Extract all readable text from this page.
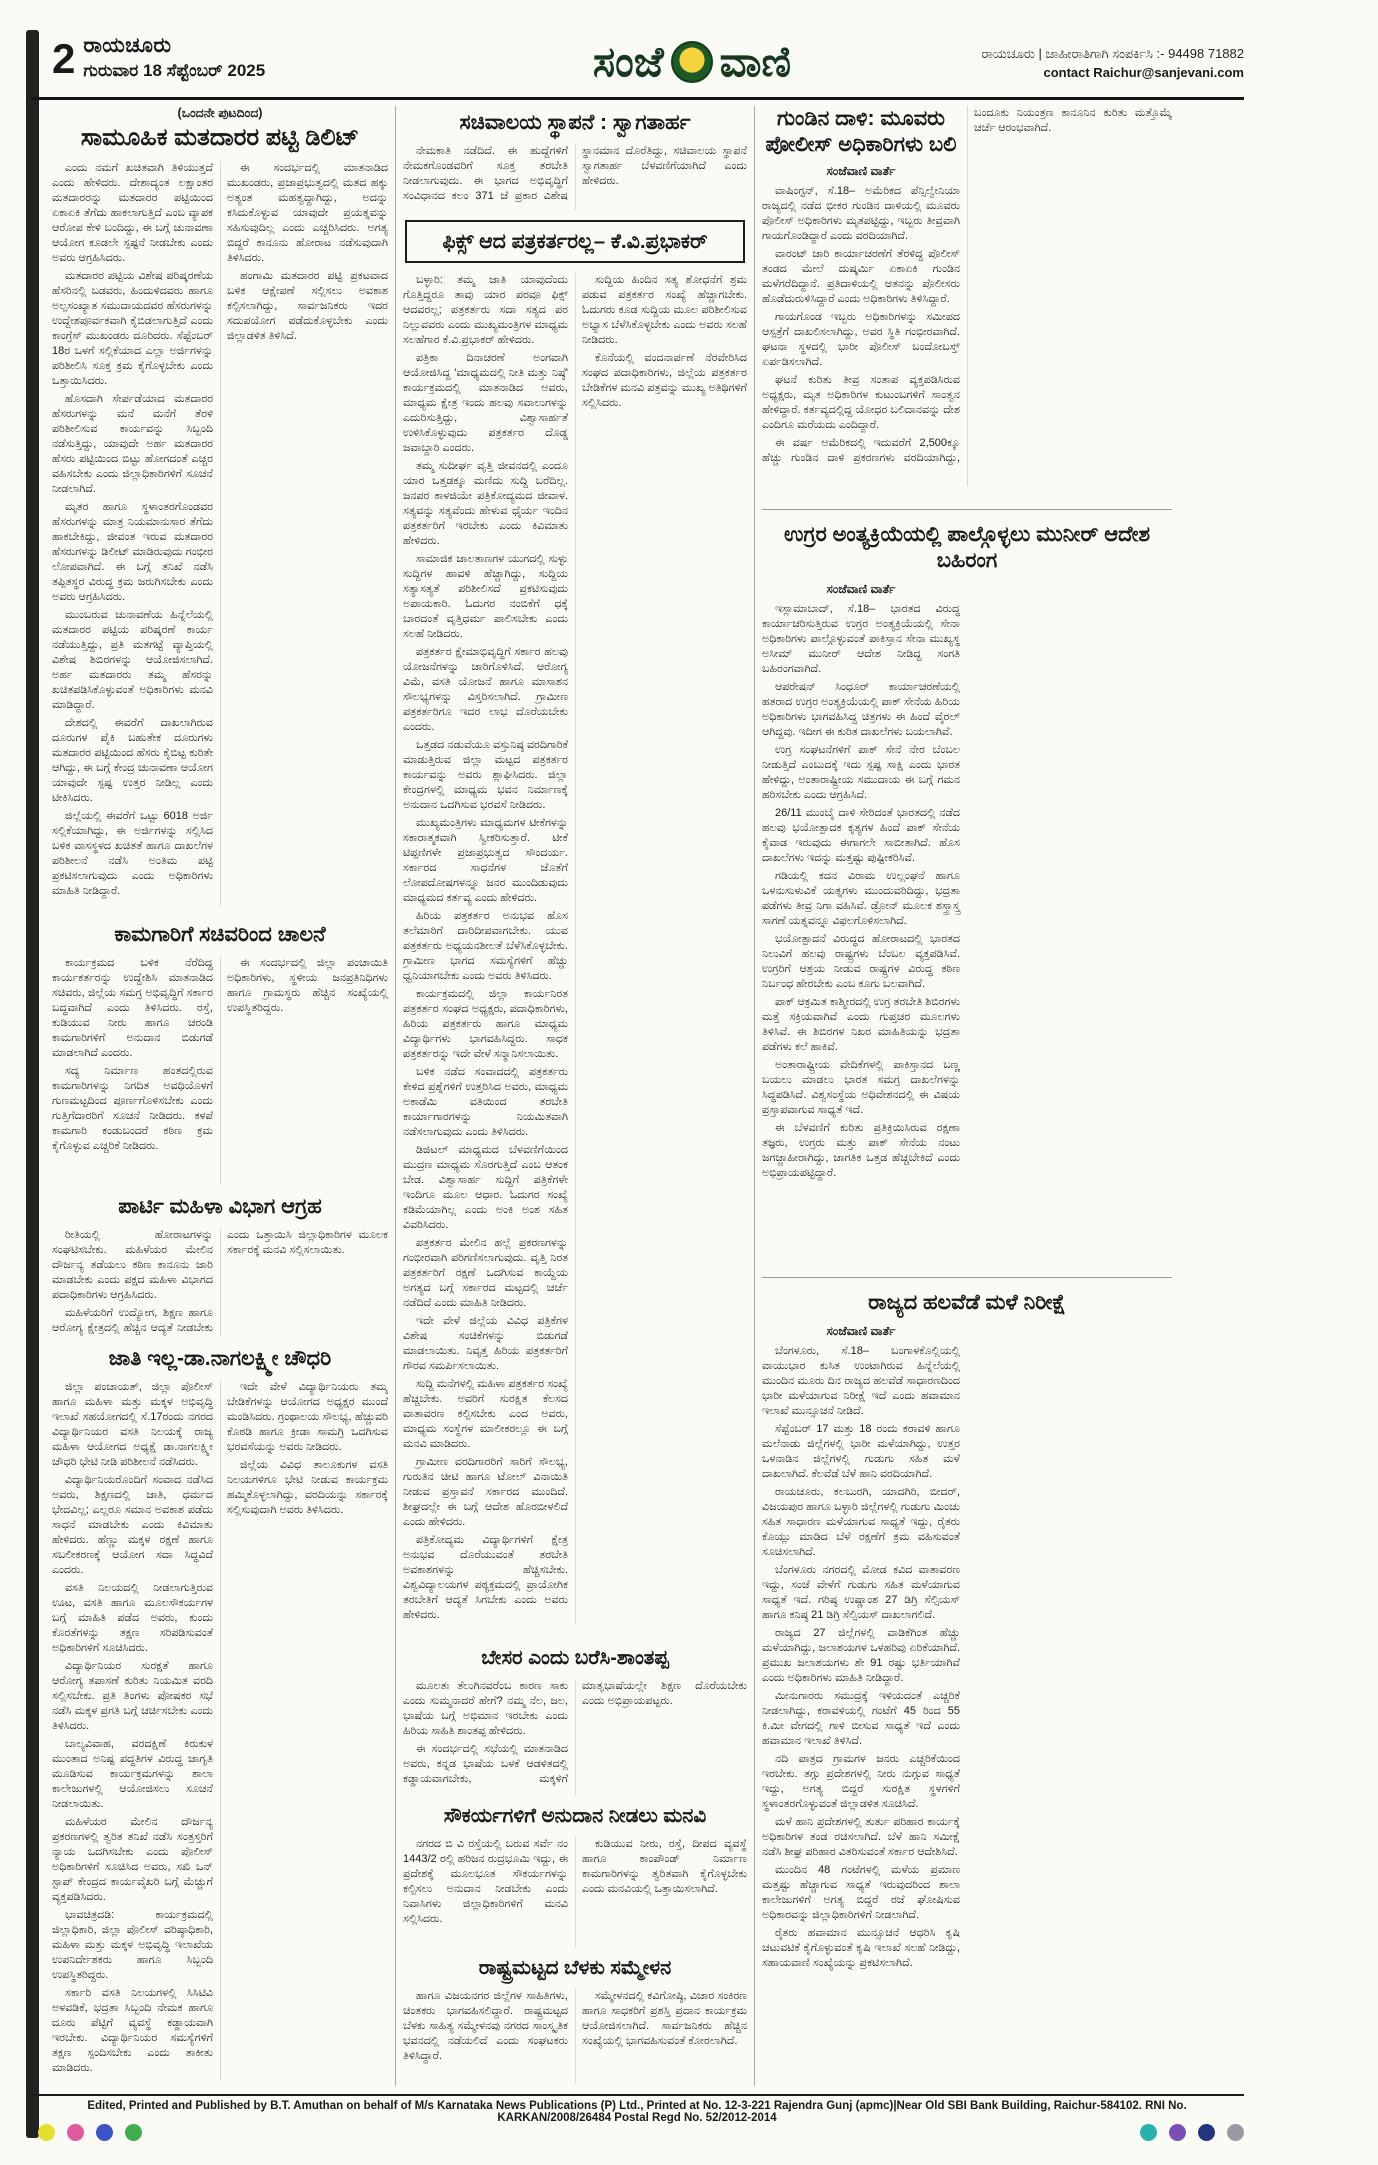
2 ರಾಯಚೂರು
ಗುರುವಾರ 18 ಸೆಪ್ಟೆಂಬರ್ 2025	ಸಂಜೆ ವಾಣಿ	ರಾಯಚೂರು | ಜಾಹೀರಾತಿಗಾಗಿ ಸಂಪರ್ಕಿಸಿ :- 94498 71882
contact Raichur@sanjevani.com
(ಒಂದನೇ ಪುಟದಿಂದ)
ಸಾಮೂಹಿಕ ಮತದಾರರ ಪಟ್ಟಿ ಡಿಲಿಟ್

ಎಂದು ನಮಗೆ ಖಚಿತವಾಗಿ ತಿಳಿಯುತ್ತದೆ ಎಂದು ಹೇಳಿದರು. ದೇಶಾದ್ಯಂತ ಲಕ್ಷಾಂತರ ಮತದಾರರನ್ನು ಮತದಾರರ ಪಟ್ಟಿಯಿಂದ ಏಕಾಏಕಿ ತೆಗೆದು ಹಾಕಲಾಗುತ್ತಿದೆ ಎಂಬ ವ್ಯಾಪಕ ಆರೋಪ ಕೇಳಿ ಬಂದಿದ್ದು, ಈ ಬಗ್ಗೆ ಚುನಾವಣಾ ಆಯೋಗ ಕೂಡಲೇ ಸ್ಪಷ್ಟನೆ ನೀಡಬೇಕು ಎಂದು ಅವರು ಆಗ್ರಹಿಸಿದರು.

ಮತದಾರರ ಪಟ್ಟಿಯ ವಿಶೇಷ ಪರಿಷ್ಕರಣೆಯ ಹೆಸರಿನಲ್ಲಿ ಬಡವರು, ಹಿಂದುಳಿದವರು ಹಾಗೂ ಅಲ್ಪಸಂಖ್ಯಾತ ಸಮುದಾಯದವರ ಹೆಸರುಗಳನ್ನು ಉದ್ದೇಶಪೂರ್ವಕವಾಗಿ ಕೈಬಿಡಲಾಗುತ್ತಿದೆ ಎಂದು ಕಾಂಗ್ರೆಸ್ ಮುಖಂಡರು ದೂರಿದರು. ಸೆಪ್ಟೆಂಬರ್ 18ರ ಒಳಗೆ ಸಲ್ಲಿಕೆಯಾದ ಎಲ್ಲಾ ಅರ್ಜಿಗಳನ್ನು ಪರಿಶೀಲಿಸಿ ಸೂಕ್ತ ಕ್ರಮ ಕೈಗೊಳ್ಳಬೇಕು ಎಂದು ಒತ್ತಾಯಿಸಿದರು.

ಹೊಸದಾಗಿ ಸೇರ್ಪಡೆಯಾದ ಮತದಾರರ ಹೆಸರುಗಳನ್ನು ಮನೆ ಮನೆಗೆ ತೆರಳಿ ಪರಿಶೀಲಿಸುವ ಕಾರ್ಯವನ್ನು ಸಿಬ್ಬಂದಿ ನಡೆಸುತ್ತಿದ್ದು, ಯಾವುದೇ ಅರ್ಹ ಮತದಾರರ ಹೆಸರು ಪಟ್ಟಿಯಿಂದ ಬಿಟ್ಟು ಹೋಗದಂತೆ ಎಚ್ಚರ ವಹಿಸಬೇಕು ಎಂದು ಜಿಲ್ಲಾಧಿಕಾರಿಗಳಿಗೆ ಸೂಚನೆ ನೀಡಲಾಗಿದೆ.

ಮೃತರ ಹಾಗೂ ಸ್ಥಳಾಂತರಗೊಂಡವರ ಹೆಸರುಗಳನ್ನು ಮಾತ್ರ ನಿಯಮಾನುಸಾರ ತೆಗೆದು ಹಾಕಬೇಕಿದ್ದು, ಜೀವಂತ ಇರುವ ಮತದಾರರ ಹೆಸರುಗಳನ್ನು ಡಿಲೀಟ್ ಮಾಡಿರುವುದು ಗಂಭೀರ ಲೋಪವಾಗಿದೆ. ಈ ಬಗ್ಗೆ ತನಿಖೆ ನಡೆಸಿ ತಪ್ಪಿತಸ್ಥರ ವಿರುದ್ಧ ಕ್ರಮ ಜರುಗಿಸಬೇಕು ಎಂದು ಅವರು ಆಗ್ರಹಿಸಿದರು.

ಮುಂಬರುವ ಚುನಾವಣೆಯ ಹಿನ್ನೆಲೆಯಲ್ಲಿ ಮತದಾರರ ಪಟ್ಟಿಯ ಪರಿಷ್ಕರಣೆ ಕಾರ್ಯ ನಡೆಯುತ್ತಿದ್ದು, ಪ್ರತಿ ಮತಗಟ್ಟೆ ವ್ಯಾಪ್ತಿಯಲ್ಲಿ ವಿಶೇಷ ಶಿಬಿರಗಳನ್ನು ಆಯೋಜಿಸಲಾಗಿದೆ. ಅರ್ಹ ಮತದಾರರು ತಮ್ಮ ಹೆಸರನ್ನು ಖಚಿತಪಡಿಸಿಕೊಳ್ಳುವಂತೆ ಅಧಿಕಾರಿಗಳು ಮನವಿ ಮಾಡಿದ್ದಾರೆ.

ದೇಶದಲ್ಲಿ ಈವರೆಗೆ ದಾಖಲಾಗಿರುವ ದೂರುಗಳ ಪೈಕಿ ಬಹುತೇಕ ದೂರುಗಳು ಮತದಾರರ ಪಟ್ಟಿಯಿಂದ ಹೆಸರು ಕೈಬಿಟ್ಟ ಕುರಿತೇ ಆಗಿದ್ದು, ಈ ಬಗ್ಗೆ ಕೇಂದ್ರ ಚುನಾವಣಾ ಆಯೋಗ ಯಾವುದೇ ಸ್ಪಷ್ಟ ಉತ್ತರ ನೀಡಿಲ್ಲ ಎಂದು ಟೀಕಿಸಿದರು.

ಜಿಲ್ಲೆಯಲ್ಲಿ ಈವರೆಗೆ ಒಟ್ಟು 6018 ಅರ್ಜಿ ಸಲ್ಲಿಕೆಯಾಗಿದ್ದು, ಈ ಅರ್ಜಿಗಳನ್ನು ಸಲ್ಲಿಸಿದ ಬಳಿಕ ವಾಸಸ್ಥಳದ ಖಚಿತತೆ ಹಾಗೂ ದಾಖಲೆಗಳ ಪರಿಶೀಲನೆ ನಡೆಸಿ ಅಂತಿಮ ಪಟ್ಟಿ ಪ್ರಕಟಿಸಲಾಗುವುದು ಎಂದು ಅಧಿಕಾರಿಗಳು ಮಾಹಿತಿ ನೀಡಿದ್ದಾರೆ.

ಈ ಸಂದರ್ಭದಲ್ಲಿ ಮಾತನಾಡಿದ ಮುಖಂಡರು, ಪ್ರಜಾಪ್ರಭುತ್ವದಲ್ಲಿ ಮತದ ಹಕ್ಕು ಅತ್ಯಂತ ಮಹತ್ವದ್ದಾಗಿದ್ದು, ಅದನ್ನು ಕಸಿದುಕೊಳ್ಳುವ ಯಾವುದೇ ಪ್ರಯತ್ನವನ್ನು ಸಹಿಸುವುದಿಲ್ಲ ಎಂದು ಎಚ್ಚರಿಸಿದರು. ಅಗತ್ಯ ಬಿದ್ದರೆ ಕಾನೂನು ಹೋರಾಟ ನಡೆಸುವುದಾಗಿ ತಿಳಿಸಿದರು.

ಹಂಗಾಮಿ ಮತದಾರರ ಪಟ್ಟಿ ಪ್ರಕಟವಾದ ಬಳಿಕ ಆಕ್ಷೇಪಣೆ ಸಲ್ಲಿಸಲು ಅವಕಾಶ ಕಲ್ಪಿಸಲಾಗಿದ್ದು, ಸಾರ್ವಜನಿಕರು ಇದರ ಸದುಪಯೋಗ ಪಡೆದುಕೊಳ್ಳಬೇಕು ಎಂದು ಜಿಲ್ಲಾಡಳಿತ ತಿಳಿಸಿದೆ.

ಕಾಮಗಾರಿಗೆ ಸಚಿವರಿಂದ ಚಾಲನೆ

ಕಾರ್ಯಕ್ರಮದ ಬಳಿಕ ನೆರೆದಿದ್ದ ಕಾರ್ಯಕರ್ತರನ್ನು ಉದ್ದೇಶಿಸಿ ಮಾತನಾಡಿದ ಸಚಿವರು, ಜಿಲ್ಲೆಯ ಸಮಗ್ರ ಅಭಿವೃದ್ಧಿಗೆ ಸರ್ಕಾರ ಬದ್ಧವಾಗಿದೆ ಎಂದು ತಿಳಿಸಿದರು. ರಸ್ತೆ, ಕುಡಿಯುವ ನೀರು ಹಾಗೂ ಚರಂಡಿ ಕಾಮಗಾರಿಗಳಿಗೆ ಅನುದಾನ ಬಿಡುಗಡೆ ಮಾಡಲಾಗಿದೆ ಎಂದರು.

ಸದ್ಯ ನಿರ್ಮಾಣ ಹಂತದಲ್ಲಿರುವ ಕಾಮಗಾರಿಗಳನ್ನು ನಿಗದಿತ ಅವಧಿಯೊಳಗೆ ಗುಣಮಟ್ಟದಿಂದ ಪೂರ್ಣಗೊಳಿಸಬೇಕು ಎಂದು ಗುತ್ತಿಗೆದಾರರಿಗೆ ಸೂಚನೆ ನೀಡಿದರು. ಕಳಪೆ ಕಾಮಗಾರಿ ಕಂಡುಬಂದರೆ ಕಠಿಣ ಕ್ರಮ ಕೈಗೊಳ್ಳುವ ಎಚ್ಚರಿಕೆ ನೀಡಿದರು.

ಈ ಸಂದರ್ಭದಲ್ಲಿ ಜಿಲ್ಲಾ ಪಂಚಾಯಿತಿ ಅಧಿಕಾರಿಗಳು, ಸ್ಥಳೀಯ ಜನಪ್ರತಿನಿಧಿಗಳು ಹಾಗೂ ಗ್ರಾಮಸ್ಥರು ಹೆಚ್ಚಿನ ಸಂಖ್ಯೆಯಲ್ಲಿ ಉಪಸ್ಥಿತರಿದ್ದರು.

ಪಾರ್ಟಿ ಮಹಿಳಾ ವಿಭಾಗ ಆಗ್ರಹ

ರೀತಿಯಲ್ಲಿ ಹೋರಾಟಗಳನ್ನು ಸಂಘಟಿಸಬೇಕು. ಮಹಿಳೆಯರ ಮೇಲಿನ ದೌರ್ಜನ್ಯ ತಡೆಯಲು ಕಠಿಣ ಕಾನೂನು ಜಾರಿ ಮಾಡಬೇಕು ಎಂದು ಪಕ್ಷದ ಮಹಿಳಾ ವಿಭಾಗದ ಪದಾಧಿಕಾರಿಗಳು ಆಗ್ರಹಿಸಿದರು.

ಮಹಿಳೆಯರಿಗೆ ಉದ್ಯೋಗ, ಶಿಕ್ಷಣ ಹಾಗೂ ಆರೋಗ್ಯ ಕ್ಷೇತ್ರದಲ್ಲಿ ಹೆಚ್ಚಿನ ಆದ್ಯತೆ ನೀಡಬೇಕು ಎಂದು ಒತ್ತಾಯಿಸಿ ಜಿಲ್ಲಾಧಿಕಾರಿಗಳ ಮೂಲಕ ಸರ್ಕಾರಕ್ಕೆ ಮನವಿ ಸಲ್ಲಿಸಲಾಯಿತು.

ಜಾತಿ ಇಲ್ಲ-ಡಾ.ನಾಗಲಕ್ಷ್ಮೀ ಚೌಧರಿ

ಜಿಲ್ಲಾ ಪಂಚಾಯತ್, ಜಿಲ್ಲಾ ಪೊಲೀಸ್ ಹಾಗೂ ಮಹಿಳಾ ಮತ್ತು ಮಕ್ಕಳ ಅಭಿವೃದ್ಧಿ ಇಲಾಖೆ ಸಹಯೋಗದಲ್ಲಿ ಸೆ.17ರಂದು ನಗರದ ವಿದ್ಯಾರ್ಥಿನಿಯರ ವಸತಿ ನಿಲಯಕ್ಕೆ ರಾಜ್ಯ ಮಹಿಳಾ ಆಯೋಗದ ಅಧ್ಯಕ್ಷೆ ಡಾ.ನಾಗಲಕ್ಷ್ಮೀ ಚೌಧರಿ ಭೇಟಿ ನೀಡಿ ಪರಿಶೀಲನೆ ನಡೆಸಿದರು.

ವಿದ್ಯಾರ್ಥಿನಿಯರೊಂದಿಗೆ ಸಂವಾದ ನಡೆಸಿದ ಅವರು, ಶಿಕ್ಷಣದಲ್ಲಿ ಜಾತಿ, ಧರ್ಮದ ಭೇದವಿಲ್ಲ; ಎಲ್ಲರೂ ಸಮಾನ ಅವಕಾಶ ಪಡೆದು ಸಾಧನೆ ಮಾಡಬೇಕು ಎಂದು ಕಿವಿಮಾತು ಹೇಳಿದರು. ಹೆಣ್ಣು ಮಕ್ಕಳ ರಕ್ಷಣೆ ಹಾಗೂ ಸಬಲೀಕರಣಕ್ಕೆ ಆಯೋಗ ಸದಾ ಸಿದ್ಧವಿದೆ ಎಂದರು.

ವಸತಿ ನಿಲಯದಲ್ಲಿ ನೀಡಲಾಗುತ್ತಿರುವ ಊಟ, ವಸತಿ ಹಾಗೂ ಮೂಲಸೌಕರ್ಯಗಳ ಬಗ್ಗೆ ಮಾಹಿತಿ ಪಡೆದ ಅವರು, ಕುಂದು ಕೊರತೆಗಳನ್ನು ತಕ್ಷಣ ಸರಿಪಡಿಸುವಂತೆ ಅಧಿಕಾರಿಗಳಿಗೆ ಸೂಚಿಸಿದರು.

ವಿದ್ಯಾರ್ಥಿನಿಯರ ಸುರಕ್ಷತೆ ಹಾಗೂ ಆರೋಗ್ಯ ತಪಾಸಣೆ ಕುರಿತು ನಿಯಮಿತ ವರದಿ ಸಲ್ಲಿಸಬೇಕು. ಪ್ರತಿ ತಿಂಗಳು ಪೋಷಕರ ಸಭೆ ನಡೆಸಿ ಮಕ್ಕಳ ಪ್ರಗತಿ ಬಗ್ಗೆ ಚರ್ಚಿಸಬೇಕು ಎಂದು ತಿಳಿಸಿದರು.

ಬಾಲ್ಯವಿವಾಹ, ವರದಕ್ಷಿಣೆ ಕಿರುಕುಳ ಮುಂತಾದ ಅನಿಷ್ಟ ಪದ್ಧತಿಗಳ ವಿರುದ್ಧ ಜಾಗೃತಿ ಮೂಡಿಸುವ ಕಾರ್ಯಕ್ರಮಗಳನ್ನು ಶಾಲಾ ಕಾಲೇಜುಗಳಲ್ಲಿ ಆಯೋಜಿಸಲು ಸೂಚನೆ ನೀಡಲಾಯಿತು.

ಮಹಿಳೆಯರ ಮೇಲಿನ ದೌರ್ಜನ್ಯ ಪ್ರಕರಣಗಳಲ್ಲಿ ತ್ವರಿತ ತನಿಖೆ ನಡೆಸಿ ಸಂತ್ರಸ್ತರಿಗೆ ನ್ಯಾಯ ಒದಗಿಸಬೇಕು ಎಂದು ಪೊಲೀಸ್ ಅಧಿಕಾರಿಗಳಿಗೆ ಸೂಚಿಸಿದ ಅವರು, ಸಖಿ ಒನ್ ಸ್ಟಾಪ್ ಕೇಂದ್ರದ ಕಾರ್ಯವೈಖರಿ ಬಗ್ಗೆ ಮೆಚ್ಚುಗೆ ವ್ಯಕ್ತಪಡಿಸಿದರು.

ಭಾವಚಿತ್ರದಡಿ: ಕಾರ್ಯಕ್ರಮದಲ್ಲಿ ಜಿಲ್ಲಾಧಿಕಾರಿ, ಜಿಲ್ಲಾ ಪೊಲೀಸ್ ವರಿಷ್ಠಾಧಿಕಾರಿ, ಮಹಿಳಾ ಮತ್ತು ಮಕ್ಕಳ ಅಭಿವೃದ್ಧಿ ಇಲಾಖೆಯ ಉಪನಿರ್ದೇಶಕರು ಹಾಗೂ ಸಿಬ್ಬಂದಿ ಉಪಸ್ಥಿತರಿದ್ದರು.

ಸರ್ಕಾರಿ ವಸತಿ ನಿಲಯಗಳಲ್ಲಿ ಸಿಸಿಟಿವಿ ಅಳವಡಿಕೆ, ಭದ್ರತಾ ಸಿಬ್ಬಂದಿ ನೇಮಕ ಹಾಗೂ ದೂರು ಪೆಟ್ಟಿಗೆ ವ್ಯವಸ್ಥೆ ಕಡ್ಡಾಯವಾಗಿ ಇರಬೇಕು. ವಿದ್ಯಾರ್ಥಿನಿಯರ ಸಮಸ್ಯೆಗಳಿಗೆ ತಕ್ಷಣ ಸ್ಪಂದಿಸಬೇಕು ಎಂದು ತಾಕೀತು ಮಾಡಿದರು.

ಇದೇ ವೇಳೆ ವಿದ್ಯಾರ್ಥಿನಿಯರು ತಮ್ಮ ಬೇಡಿಕೆಗಳನ್ನು ಆಯೋಗದ ಅಧ್ಯಕ್ಷರ ಮುಂದೆ ಮಂಡಿಸಿದರು. ಗ್ರಂಥಾಲಯ ಸೌಲಭ್ಯ, ಹೆಚ್ಚುವರಿ ಕೊಠಡಿ ಹಾಗೂ ಕ್ರೀಡಾ ಸಾಮಗ್ರಿ ಒದಗಿಸುವ ಭರವಸೆಯನ್ನು ಅವರು ನೀಡಿದರು.

ಜಿಲ್ಲೆಯ ವಿವಿಧ ತಾಲೂಕುಗಳ ವಸತಿ ನಿಲಯಗಳಿಗೂ ಭೇಟಿ ನೀಡುವ ಕಾರ್ಯಕ್ರಮ ಹಮ್ಮಿಕೊಳ್ಳಲಾಗಿದ್ದು, ವರದಿಯನ್ನು ಸರ್ಕಾರಕ್ಕೆ ಸಲ್ಲಿಸುವುದಾಗಿ ಅವರು ತಿಳಿಸಿದರು.

ಸಚಿವಾಲಯ ಸ್ಥಾಪನೆ : ಸ್ವಾಗತಾರ್ಹ

ನೇಮಕಾತಿ ನಡೆದಿದೆ. ಈ ಹುದ್ದೆಗಳಿಗೆ ನೇಮಕಗೊಂಡವರಿಗೆ ಸೂಕ್ತ ತರಬೇತಿ ನೀಡಲಾಗುವುದು. ಈ ಭಾಗದ ಅಭಿವೃದ್ಧಿಗೆ ಸಂವಿಧಾನದ ಕಲಂ 371 ಜೆ ಪ್ರಕಾರ ವಿಶೇಷ ಸ್ಥಾನಮಾನ ದೊರೆತಿದ್ದು, ಸಚಿವಾಲಯ ಸ್ಥಾಪನೆ ಸ್ವಾಗತಾರ್ಹ ಬೆಳವಣಿಗೆಯಾಗಿದೆ ಎಂದು ಹೇಳಿದರು.

ಫಿಕ್ಸ್ ಆದ ಪತ್ರಕರ್ತರಲ್ಲ– ಕೆ.ವಿ.ಪ್ರಭಾಕರ್

ಬಳ್ಳಾರಿ: ತಮ್ಮ ಜಾತಿ ಯಾವುದೆಂದು ಗೊತ್ತಿದ್ದರೂ ತಾವು ಯಾರ ಪರವೂ ಫಿಕ್ಸ್ ಆದವರಲ್ಲ; ಪತ್ರಕರ್ತರು ಸದಾ ಸತ್ಯದ ಪರ ನಿಲ್ಲುವವರು ಎಂದು ಮುಖ್ಯಮಂತ್ರಿಗಳ ಮಾಧ್ಯಮ ಸಲಹೆಗಾರ ಕೆ.ವಿ.ಪ್ರಭಾಕರ್ ಹೇಳಿದರು.

ಪತ್ರಿಕಾ ದಿನಾಚರಣೆ ಅಂಗವಾಗಿ ಆಯೋಜಿಸಿದ್ದ 'ಮಾಧ್ಯಮದಲ್ಲಿ ನೀತಿ ಮತ್ತು ನಿಷ್ಠೆ' ಕಾರ್ಯಕ್ರಮದಲ್ಲಿ ಮಾತನಾಡಿದ ಅವರು, ಮಾಧ್ಯಮ ಕ್ಷೇತ್ರ ಇಂದು ಹಲವು ಸವಾಲುಗಳನ್ನು ಎದುರಿಸುತ್ತಿದ್ದು, ವಿಶ್ವಾಸಾರ್ಹತೆ ಉಳಿಸಿಕೊಳ್ಳುವುದು ಪತ್ರಕರ್ತರ ದೊಡ್ಡ ಜವಾಬ್ದಾರಿ ಎಂದರು.

ತಮ್ಮ ಸುದೀರ್ಘ ವೃತ್ತಿ ಜೀವನದಲ್ಲಿ ಎಂದೂ ಯಾರ ಒತ್ತಡಕ್ಕೂ ಮಣಿದು ಸುದ್ದಿ ಬರೆದಿಲ್ಲ. ಜನಪರ ಕಾಳಜಿಯೇ ಪತ್ರಿಕೋದ್ಯಮದ ಜೀವಾಳ. ಸತ್ಯವನ್ನು ಸತ್ಯವೆಂದು ಹೇಳುವ ಧೈರ್ಯ ಇಂದಿನ ಪತ್ರಕರ್ತರಿಗೆ ಇರಬೇಕು ಎಂದು ಕಿವಿಮಾತು ಹೇಳಿದರು.

ಸಾಮಾಜಿಕ ಜಾಲತಾಣಗಳ ಯುಗದಲ್ಲಿ ಸುಳ್ಳು ಸುದ್ದಿಗಳ ಹಾವಳಿ ಹೆಚ್ಚಾಗಿದ್ದು, ಸುದ್ದಿಯ ಸತ್ಯಾಸತ್ಯತೆ ಪರಿಶೀಲಿಸದೆ ಪ್ರಕಟಿಸುವುದು ಅಪಾಯಕಾರಿ. ಓದುಗರ ನಂಬಿಕೆಗೆ ಧಕ್ಕೆ ಬಾರದಂತೆ ವೃತ್ತಿಧರ್ಮ ಪಾಲಿಸಬೇಕು ಎಂದು ಸಲಹೆ ನೀಡಿದರು.

ಪತ್ರಕರ್ತರ ಕ್ಷೇಮಾಭಿವೃದ್ಧಿಗೆ ಸರ್ಕಾರ ಹಲವು ಯೋಜನೆಗಳನ್ನು ಜಾರಿಗೊಳಿಸಿದೆ. ಆರೋಗ್ಯ ವಿಮೆ, ವಸತಿ ಯೋಜನೆ ಹಾಗೂ ಮಾಸಾಶನ ಸೌಲಭ್ಯಗಳನ್ನು ವಿಸ್ತರಿಸಲಾಗಿದೆ. ಗ್ರಾಮೀಣ ಪತ್ರಕರ್ತರಿಗೂ ಇದರ ಲಾಭ ದೊರೆಯಬೇಕು ಎಂದರು.

ಒತ್ತಡದ ನಡುವೆಯೂ ವಸ್ತುನಿಷ್ಠ ವರದಿಗಾರಿಕೆ ಮಾಡುತ್ತಿರುವ ಜಿಲ್ಲಾ ಮಟ್ಟದ ಪತ್ರಕರ್ತರ ಕಾರ್ಯವನ್ನು ಅವರು ಶ್ಲಾಘಿಸಿದರು. ಜಿಲ್ಲಾ ಕೇಂದ್ರಗಳಲ್ಲಿ ಮಾಧ್ಯಮ ಭವನ ನಿರ್ಮಾಣಕ್ಕೆ ಅನುದಾನ ಒದಗಿಸುವ ಭರವಸೆ ನೀಡಿದರು.

ಮುಖ್ಯಮಂತ್ರಿಗಳು ಮಾಧ್ಯಮಗಳ ಟೀಕೆಗಳನ್ನು ಸಕಾರಾತ್ಮಕವಾಗಿ ಸ್ವೀಕರಿಸುತ್ತಾರೆ. ಟೀಕೆ ಟಿಪ್ಪಣಿಗಳೇ ಪ್ರಜಾಪ್ರಭುತ್ವದ ಸೌಂದರ್ಯ. ಸರ್ಕಾರದ ಸಾಧನೆಗಳ ಜೊತೆಗೆ ಲೋಪದೋಷಗಳನ್ನೂ ಜನರ ಮುಂದಿಡುವುದು ಮಾಧ್ಯಮದ ಕರ್ತವ್ಯ ಎಂದು ಹೇಳಿದರು.

ಹಿರಿಯ ಪತ್ರಕರ್ತರ ಅನುಭವ ಹೊಸ ತಲೆಮಾರಿಗೆ ದಾರಿದೀಪವಾಗಬೇಕು. ಯುವ ಪತ್ರಕರ್ತರು ಅಧ್ಯಯನಶೀಲತೆ ಬೆಳೆಸಿಕೊಳ್ಳಬೇಕು. ಗ್ರಾಮೀಣ ಭಾಗದ ಸಮಸ್ಯೆಗಳಿಗೆ ಹೆಚ್ಚು ಧ್ವನಿಯಾಗಬೇಕು ಎಂದು ಅವರು ತಿಳಿಸಿದರು.

ಕಾರ್ಯಕ್ರಮದಲ್ಲಿ ಜಿಲ್ಲಾ ಕಾರ್ಯನಿರತ ಪತ್ರಕರ್ತರ ಸಂಘದ ಅಧ್ಯಕ್ಷರು, ಪದಾಧಿಕಾರಿಗಳು, ಹಿರಿಯ ಪತ್ರಕರ್ತರು ಹಾಗೂ ಮಾಧ್ಯಮ ವಿದ್ಯಾರ್ಥಿಗಳು ಭಾಗವಹಿಸಿದ್ದರು. ಸಾಧಕ ಪತ್ರಕರ್ತರನ್ನು ಇದೇ ವೇಳೆ ಸನ್ಮಾನಿಸಲಾಯಿತು.

ಬಳಿಕ ನಡೆದ ಸಂವಾದದಲ್ಲಿ ಪತ್ರಕರ್ತರು ಕೇಳಿದ ಪ್ರಶ್ನೆಗಳಿಗೆ ಉತ್ತರಿಸಿದ ಅವರು, ಮಾಧ್ಯಮ ಅಕಾಡೆಮಿ ವತಿಯಿಂದ ತರಬೇತಿ ಕಾರ್ಯಾಗಾರಗಳನ್ನು ನಿಯಮಿತವಾಗಿ ನಡೆಸಲಾಗುವುದು ಎಂದು ತಿಳಿಸಿದರು.

ಡಿಜಿಟಲ್ ಮಾಧ್ಯಮದ ಬೆಳವಣಿಗೆಯಿಂದ ಮುದ್ರಣ ಮಾಧ್ಯಮ ಸೊರಗುತ್ತಿದೆ ಎಂಬ ಆತಂಕ ಬೇಡ. ವಿಶ್ವಾಸಾರ್ಹ ಸುದ್ದಿಗೆ ಪತ್ರಿಕೆಗಳೇ ಇಂದಿಗೂ ಮೂಲ ಆಧಾರ. ಓದುಗರ ಸಂಖ್ಯೆ ಕಡಿಮೆಯಾಗಿಲ್ಲ ಎಂದು ಅಂಕಿ ಅಂಶ ಸಹಿತ ವಿವರಿಸಿದರು.

ಪತ್ರಕರ್ತರ ಮೇಲಿನ ಹಲ್ಲೆ ಪ್ರಕರಣಗಳನ್ನು ಗಂಭೀರವಾಗಿ ಪರಿಗಣಿಸಲಾಗುವುದು. ವೃತ್ತಿ ನಿರತ ಪತ್ರಕರ್ತರಿಗೆ ರಕ್ಷಣೆ ಒದಗಿಸುವ ಕಾಯ್ದೆಯ ಅಗತ್ಯದ ಬಗ್ಗೆ ಸರ್ಕಾರದ ಮಟ್ಟದಲ್ಲಿ ಚರ್ಚೆ ನಡೆದಿದೆ ಎಂದು ಮಾಹಿತಿ ನೀಡಿದರು.

ಇದೇ ವೇಳೆ ಜಿಲ್ಲೆಯ ವಿವಿಧ ಪತ್ರಿಕೆಗಳ ವಿಶೇಷ ಸಂಚಿಕೆಗಳನ್ನು ಬಿಡುಗಡೆ ಮಾಡಲಾಯಿತು. ನಿವೃತ್ತ ಹಿರಿಯ ಪತ್ರಕರ್ತರಿಗೆ ಗೌರವ ಸಮರ್ಪಿಸಲಾಯಿತು.

ಸುದ್ದಿ ಮನೆಗಳಲ್ಲಿ ಮಹಿಳಾ ಪತ್ರಕರ್ತರ ಸಂಖ್ಯೆ ಹೆಚ್ಚಬೇಕು. ಅವರಿಗೆ ಸುರಕ್ಷಿತ ಕೆಲಸದ ವಾತಾವರಣ ಕಲ್ಪಿಸಬೇಕು ಎಂದ ಅವರು, ಮಾಧ್ಯಮ ಸಂಸ್ಥೆಗಳ ಮಾಲೀಕರಲ್ಲೂ ಈ ಬಗ್ಗೆ ಮನವಿ ಮಾಡಿದರು.

ಗ್ರಾಮೀಣ ವರದಿಗಾರರಿಗೆ ಸಾರಿಗೆ ಸೌಲಭ್ಯ, ಗುರುತಿನ ಚೀಟಿ ಹಾಗೂ ಟೋಲ್ ವಿನಾಯಿತಿ ನೀಡುವ ಪ್ರಸ್ತಾವನೆ ಸರ್ಕಾರದ ಮುಂದಿದೆ. ಶೀಘ್ರದಲ್ಲೇ ಈ ಬಗ್ಗೆ ಆದೇಶ ಹೊರಬೀಳಲಿದೆ ಎಂದು ಹೇಳಿದರು.

ಪತ್ರಿಕೋದ್ಯಮ ವಿದ್ಯಾರ್ಥಿಗಳಿಗೆ ಕ್ಷೇತ್ರ ಅನುಭವ ದೊರೆಯುವಂತೆ ತರಬೇತಿ ಅವಕಾಶಗಳನ್ನು ಹೆಚ್ಚಿಸಬೇಕು. ವಿಶ್ವವಿದ್ಯಾಲಯಗಳ ಪಠ್ಯಕ್ರಮದಲ್ಲಿ ಪ್ರಾಯೋಗಿಕ ತರಬೇತಿಗೆ ಆದ್ಯತೆ ಸಿಗಬೇಕು ಎಂದು ಅವರು ಹೇಳಿದರು.

ಸುದ್ದಿಯ ಹಿಂದಿನ ಸತ್ಯ ಶೋಧನೆಗೆ ಶ್ರಮ ಪಡುವ ಪತ್ರಕರ್ತರ ಸಂಖ್ಯೆ ಹೆಚ್ಚಾಗಬೇಕು. ಓದುಗರು ಕೂಡ ಸುದ್ದಿಯ ಮೂಲ ಪರಿಶೀಲಿಸುವ ಅಭ್ಯಾಸ ಬೆಳೆಸಿಕೊಳ್ಳಬೇಕು ಎಂದು ಅವರು ಸಲಹೆ ನೀಡಿದರು.

ಕೊನೆಯಲ್ಲಿ ವಂದನಾರ್ಪಣೆ ನೆರವೇರಿಸಿದ ಸಂಘದ ಪದಾಧಿಕಾರಿಗಳು, ಜಿಲ್ಲೆಯ ಪತ್ರಕರ್ತರ ಬೇಡಿಕೆಗಳ ಮನವಿ ಪತ್ರವನ್ನು ಮುಖ್ಯ ಅತಿಥಿಗಳಿಗೆ ಸಲ್ಲಿಸಿದರು.

ಬೇಸರ ಎಂದು ಬರೆಸಿ-ಶಾಂತಪ್ಪ

ಮೂಲತಃ ತೆಲುಗಿನವರೆಂಬ ಕಾರಣ ಸಾಕು ಎಂದು ಸುಮ್ಮನಾದರೆ ಹೇಗೆ? ನಮ್ಮ ನೆಲ, ಜಲ, ಭಾಷೆಯ ಬಗ್ಗೆ ಅಭಿಮಾನ ಇರಬೇಕು ಎಂದು ಹಿರಿಯ ಸಾಹಿತಿ ಶಾಂತಪ್ಪ ಹೇಳಿದರು.

ಈ ಸಂದರ್ಭದಲ್ಲಿ ಸಭೆಯಲ್ಲಿ ಮಾತನಾಡಿದ ಅವರು, ಕನ್ನಡ ಭಾಷೆಯ ಬಳಕೆ ಆಡಳಿತದಲ್ಲಿ ಕಡ್ಡಾಯವಾಗಬೇಕು, ಮಕ್ಕಳಿಗೆ ಮಾತೃಭಾಷೆಯಲ್ಲೇ ಶಿಕ್ಷಣ ದೊರೆಯಬೇಕು ಎಂದು ಅಭಿಪ್ರಾಯಪಟ್ಟರು.

ಸೌಕರ್ಯಗಳಿಗೆ ಅನುದಾನ ನೀಡಲು ಮನವಿ

ನಗರದ ಬಿ ವಿ ರಸ್ತೆಯಲ್ಲಿ ಬರುವ ಸರ್ವೆ ನಂ 1443/2 ರಲ್ಲಿ ಹರಿಜನ ರುದ್ರಭೂಮಿ ಇದ್ದು, ಈ ಪ್ರದೇಶಕ್ಕೆ ಮೂಲಭೂತ ಸೌಕರ್ಯಗಳನ್ನು ಕಲ್ಪಿಸಲು ಅನುದಾನ ನೀಡಬೇಕು ಎಂದು ನಿವಾಸಿಗಳು ಜಿಲ್ಲಾಧಿಕಾರಿಗಳಿಗೆ ಮನವಿ ಸಲ್ಲಿಸಿದರು.

ಕುಡಿಯುವ ನೀರು, ರಸ್ತೆ, ದೀಪದ ವ್ಯವಸ್ಥೆ ಹಾಗೂ ಕಾಂಪೌಂಡ್ ನಿರ್ಮಾಣ ಕಾಮಗಾರಿಗಳನ್ನು ತ್ವರಿತವಾಗಿ ಕೈಗೊಳ್ಳಬೇಕು ಎಂದು ಮನವಿಯಲ್ಲಿ ಒತ್ತಾಯಿಸಲಾಗಿದೆ.

ರಾಷ್ಟ್ರಮಟ್ಟದ ಬೆಳಕು ಸಮ್ಮೇಳನ

ಹಾಗೂ ವಿಜಯನಗರ ಜಿಲ್ಲೆಗಳ ಸಾಹಿತಿಗಳು, ಚಿಂತಕರು ಭಾಗವಹಿಸಲಿದ್ದಾರೆ. ರಾಷ್ಟ್ರಮಟ್ಟದ ಬೆಳಕು ಸಾಹಿತ್ಯ ಸಮ್ಮೇಳನವು ನಗರದ ಸಾಂಸ್ಕೃತಿಕ ಭವನದಲ್ಲಿ ನಡೆಯಲಿದೆ ಎಂದು ಸಂಘಟಕರು ತಿಳಿಸಿದ್ದಾರೆ.

ಸಮ್ಮೇಳನದಲ್ಲಿ ಕವಿಗೋಷ್ಠಿ, ವಿಚಾರ ಸಂಕಿರಣ ಹಾಗೂ ಸಾಧಕರಿಗೆ ಪ್ರಶಸ್ತಿ ಪ್ರದಾನ ಕಾರ್ಯಕ್ರಮ ಆಯೋಜಿಸಲಾಗಿದೆ. ಸಾರ್ವಜನಿಕರು ಹೆಚ್ಚಿನ ಸಂಖ್ಯೆಯಲ್ಲಿ ಭಾಗವಹಿಸುವಂತೆ ಕೋರಲಾಗಿದೆ.

ಗುಂಡಿನ ದಾಳಿ: ಮೂವರು ಪೋಲೀಸ್ ಅಧಿಕಾರಿಗಳು ಬಲಿ
ಸಂಜೆವಾಣಿ ವಾರ್ತೆ

ವಾಷಿಂಗ್ಟನ್, ಸೆ.18– ಅಮೆರಿಕದ ಪೆನ್ಸಿಲ್ವೇನಿಯಾ ರಾಜ್ಯದಲ್ಲಿ ನಡೆದ ಭೀಕರ ಗುಂಡಿನ ದಾಳಿಯಲ್ಲಿ ಮೂವರು ಪೊಲೀಸ್ ಅಧಿಕಾರಿಗಳು ಮೃತಪಟ್ಟಿದ್ದು, ಇಬ್ಬರು ತೀವ್ರವಾಗಿ ಗಾಯಗೊಂಡಿದ್ದಾರೆ ಎಂದು ವರದಿಯಾಗಿದೆ.

ವಾರಂಟ್ ಜಾರಿ ಕಾರ್ಯಾಚರಣೆಗೆ ತೆರಳಿದ್ದ ಪೊಲೀಸ್ ತಂಡದ ಮೇಲೆ ದುಷ್ಕರ್ಮಿ ಏಕಾಏಕಿ ಗುಂಡಿನ ಮಳೆಗರೆದಿದ್ದಾನೆ. ಪ್ರತಿದಾಳಿಯಲ್ಲಿ ಆತನನ್ನು ಪೊಲೀಸರು ಹೊಡೆದುರುಳಿಸಿದ್ದಾರೆ ಎಂದು ಅಧಿಕಾರಿಗಳು ತಿಳಿಸಿದ್ದಾರೆ.

ಗಾಯಗೊಂಡ ಇಬ್ಬರು ಅಧಿಕಾರಿಗಳನ್ನು ಸಮೀಪದ ಆಸ್ಪತ್ರೆಗೆ ದಾಖಲಿಸಲಾಗಿದ್ದು, ಅವರ ಸ್ಥಿತಿ ಗಂಭೀರವಾಗಿದೆ. ಘಟನಾ ಸ್ಥಳದಲ್ಲಿ ಭಾರೀ ಪೊಲೀಸ್ ಬಂದೋಬಸ್ತ್ ಏರ್ಪಡಿಸಲಾಗಿದೆ.

ಘಟನೆ ಕುರಿತು ತೀವ್ರ ಸಂತಾಪ ವ್ಯಕ್ತಪಡಿಸಿರುವ ಅಧ್ಯಕ್ಷರು, ಮೃತ ಅಧಿಕಾರಿಗಳ ಕುಟುಂಬಗಳಿಗೆ ಸಾಂತ್ವನ ಹೇಳಿದ್ದಾರೆ. ಕರ್ತವ್ಯದಲ್ಲಿದ್ದ ಯೋಧರ ಬಲಿದಾನವನ್ನು ದೇಶ ಎಂದಿಗೂ ಮರೆಯದು ಎಂದಿದ್ದಾರೆ.

ಈ ವರ್ಷ ಅಮೆರಿಕದಲ್ಲಿ ಇದುವರೆಗೆ 2,500ಕ್ಕೂ ಹೆಚ್ಚು ಗುಂಡಿನ ದಾಳಿ ಪ್ರಕರಣಗಳು ವರದಿಯಾಗಿದ್ದು, ಬಂದೂಕು ನಿಯಂತ್ರಣ ಕಾನೂನಿನ ಕುರಿತು ಮತ್ತೊಮ್ಮೆ ಚರ್ಚೆ ಆರಂಭವಾಗಿದೆ.

ಉಗ್ರರ ಅಂತ್ಯಕ್ರಿಯೆಯಲ್ಲಿ ಪಾಲ್ಗೊಳ್ಳಲು ಮುನೀರ್ ಆದೇಶ ಬಹಿರಂಗ
ಸಂಜೆವಾಣಿ ವಾರ್ತೆ

ಇಸ್ಲಾಮಾಬಾದ್, ಸೆ.18– ಭಾರತದ ವಿರುದ್ಧ ಕಾರ್ಯಾಚರಿಸುತ್ತಿರುವ ಉಗ್ರರ ಅಂತ್ಯಕ್ರಿಯೆಯಲ್ಲಿ ಸೇನಾ ಅಧಿಕಾರಿಗಳು ಪಾಲ್ಗೊಳ್ಳುವಂತೆ ಪಾಕಿಸ್ತಾನ ಸೇನಾ ಮುಖ್ಯಸ್ಥ ಅಸೀಮ್ ಮುನೀರ್ ಆದೇಶ ನೀಡಿದ್ದ ಸಂಗತಿ ಬಹಿರಂಗವಾಗಿದೆ.

ಆಪರೇಷನ್ ಸಿಂಧೂರ್ ಕಾರ್ಯಾಚರಣೆಯಲ್ಲಿ ಹತರಾದ ಉಗ್ರರ ಅಂತ್ಯಕ್ರಿಯೆಯಲ್ಲಿ ಪಾಕ್ ಸೇನೆಯ ಹಿರಿಯ ಅಧಿಕಾರಿಗಳು ಭಾಗವಹಿಸಿದ್ದ ಚಿತ್ರಗಳು ಈ ಹಿಂದೆ ವೈರಲ್ ಆಗಿದ್ದವು. ಇದೀಗ ಈ ಕುರಿತ ದಾಖಲೆಗಳು ಬಯಲಾಗಿವೆ.

ಉಗ್ರ ಸಂಘಟನೆಗಳಿಗೆ ಪಾಕ್ ಸೇನೆ ನೇರ ಬೆಂಬಲ ನೀಡುತ್ತಿದೆ ಎಂಬುದಕ್ಕೆ ಇದು ಸ್ಪಷ್ಟ ಸಾಕ್ಷಿ ಎಂದು ಭಾರತ ಹೇಳಿದ್ದು, ಅಂತಾರಾಷ್ಟ್ರೀಯ ಸಮುದಾಯ ಈ ಬಗ್ಗೆ ಗಮನ ಹರಿಸಬೇಕು ಎಂದು ಆಗ್ರಹಿಸಿದೆ.

26/11 ಮುಂಬೈ ದಾಳಿ ಸೇರಿದಂತೆ ಭಾರತದಲ್ಲಿ ನಡೆದ ಹಲವು ಭಯೋತ್ಪಾದಕ ಕೃತ್ಯಗಳ ಹಿಂದೆ ಪಾಕ್ ಸೇನೆಯ ಕೈವಾಡ ಇರುವುದು ಈಗಾಗಲೇ ಸಾಬೀತಾಗಿದೆ. ಹೊಸ ದಾಖಲೆಗಳು ಇದನ್ನು ಮತ್ತಷ್ಟು ಪುಷ್ಟೀಕರಿಸಿವೆ.

ಗಡಿಯಲ್ಲಿ ಕದನ ವಿರಾಮ ಉಲ್ಲಂಘನೆ ಹಾಗೂ ಒಳನುಸುಳುವಿಕೆ ಯತ್ನಗಳು ಮುಂದುವರಿದಿದ್ದು, ಭದ್ರತಾ ಪಡೆಗಳು ತೀವ್ರ ನಿಗಾ ವಹಿಸಿವೆ. ಡ್ರೋನ್ ಮೂಲಕ ಶಸ್ತ್ರಾಸ್ತ್ರ ಸಾಗಣೆ ಯತ್ನವನ್ನೂ ವಿಫಲಗೊಳಿಸಲಾಗಿದೆ.

ಭಯೋತ್ಪಾದನೆ ವಿರುದ್ಧದ ಹೋರಾಟದಲ್ಲಿ ಭಾರತದ ನಿಲುವಿಗೆ ಹಲವು ರಾಷ್ಟ್ರಗಳು ಬೆಂಬಲ ವ್ಯಕ್ತಪಡಿಸಿವೆ. ಉಗ್ರರಿಗೆ ಆಶ್ರಯ ನೀಡುವ ರಾಷ್ಟ್ರಗಳ ವಿರುದ್ಧ ಕಠಿಣ ನಿರ್ಬಂಧ ಹೇರಬೇಕು ಎಂಬ ಕೂಗು ಬಲವಾಗಿದೆ.

ಪಾಕ್ ಆಕ್ರಮಿತ ಕಾಶ್ಮೀರದಲ್ಲಿ ಉಗ್ರ ತರಬೇತಿ ಶಿಬಿರಗಳು ಮತ್ತೆ ಸಕ್ರಿಯವಾಗಿವೆ ಎಂದು ಗುಪ್ತಚರ ಮೂಲಗಳು ತಿಳಿಸಿವೆ. ಈ ಶಿಬಿರಗಳ ನಿಖರ ಮಾಹಿತಿಯನ್ನು ಭದ್ರತಾ ಪಡೆಗಳು ಕಲೆ ಹಾಕಿವೆ.

ಅಂತಾರಾಷ್ಟ್ರೀಯ ವೇದಿಕೆಗಳಲ್ಲಿ ಪಾಕಿಸ್ತಾನದ ಬಣ್ಣ ಬಯಲು ಮಾಡಲು ಭಾರತ ಸಮಗ್ರ ದಾಖಲೆಗಳನ್ನು ಸಿದ್ಧಪಡಿಸಿದೆ. ವಿಶ್ವಸಂಸ್ಥೆಯ ಅಧಿವೇಶನದಲ್ಲಿ ಈ ವಿಷಯ ಪ್ರಸ್ತಾಪವಾಗುವ ಸಾಧ್ಯತೆ ಇದೆ.

ಈ ಬೆಳವಣಿಗೆ ಕುರಿತು ಪ್ರತಿಕ್ರಿಯಿಸಿರುವ ರಕ್ಷಣಾ ತಜ್ಞರು, ಉಗ್ರರು ಮತ್ತು ಪಾಕ್ ಸೇನೆಯ ನಂಟು ಜಗಜ್ಜಾಹೀರಾಗಿದ್ದು, ಜಾಗತಿಕ ಒತ್ತಡ ಹೆಚ್ಚಬೇಕಿದೆ ಎಂದು ಅಭಿಪ್ರಾಯಪಟ್ಟಿದ್ದಾರೆ.

ರಾಜ್ಯದ ಹಲವೆಡೆ ಮಳೆ ನಿರೀಕ್ಷೆ
ಸಂಜೆವಾಣಿ ವಾರ್ತೆ

ಬೆಂಗಳೂರು, ಸೆ.18– ಬಂಗಾಳಕೊಲ್ಲಿಯಲ್ಲಿ ವಾಯುಭಾರ ಕುಸಿತ ಉಂಟಾಗಿರುವ ಹಿನ್ನೆಲೆಯಲ್ಲಿ ಮುಂದಿನ ಮೂರು ದಿನ ರಾಜ್ಯದ ಹಲವೆಡೆ ಸಾಧಾರಣದಿಂದ ಭಾರೀ ಮಳೆಯಾಗುವ ನಿರೀಕ್ಷೆ ಇದೆ ಎಂದು ಹವಾಮಾನ ಇಲಾಖೆ ಮುನ್ಸೂಚನೆ ನೀಡಿದೆ.

ಸೆಪ್ಟೆಂಬರ್ 17 ಮತ್ತು 18 ರಂದು ಕರಾವಳಿ ಹಾಗೂ ಮಲೆನಾಡು ಜಿಲ್ಲೆಗಳಲ್ಲಿ ಭಾರೀ ಮಳೆಯಾಗಿದ್ದು, ಉತ್ತರ ಒಳನಾಡಿನ ಜಿಲ್ಲೆಗಳಲ್ಲಿ ಗುಡುಗು ಸಹಿತ ಮಳೆ ದಾಖಲಾಗಿದೆ. ಕೆಲವೆಡೆ ಬೆಳೆ ಹಾನಿ ವರದಿಯಾಗಿದೆ.

ರಾಯಚೂರು, ಕಲಬುರಗಿ, ಯಾದಗಿರಿ, ಬೀದರ್, ವಿಜಯಪುರ ಹಾಗೂ ಬಳ್ಳಾರಿ ಜಿಲ್ಲೆಗಳಲ್ಲಿ ಗುಡುಗು ಮಿಂಚು ಸಹಿತ ಸಾಧಾರಣ ಮಳೆಯಾಗುವ ಸಾಧ್ಯತೆ ಇದ್ದು, ರೈತರು ಕೊಯ್ಲು ಮಾಡಿದ ಬೆಳೆ ರಕ್ಷಣೆಗೆ ಕ್ರಮ ವಹಿಸುವಂತೆ ಸೂಚಿಸಲಾಗಿದೆ.

ಬೆಂಗಳೂರು ನಗರದಲ್ಲಿ ಮೋಡ ಕವಿದ ವಾತಾವರಣ ಇದ್ದು, ಸಂಜೆ ವೇಳೆಗೆ ಗುಡುಗು ಸಹಿತ ಮಳೆಯಾಗುವ ಸಾಧ್ಯತೆ ಇದೆ. ಗರಿಷ್ಠ ಉಷ್ಣಾಂಶ 27 ಡಿಗ್ರಿ ಸೆಲ್ಸಿಯಸ್ ಹಾಗೂ ಕನಿಷ್ಠ 21 ಡಿಗ್ರಿ ಸೆಲ್ಸಿಯಸ್ ದಾಖಲಾಗಲಿದೆ.

ರಾಜ್ಯದ 27 ಜಿಲ್ಲೆಗಳಲ್ಲಿ ವಾಡಿಕೆಗಿಂತ ಹೆಚ್ಚು ಮಳೆಯಾಗಿದ್ದು, ಜಲಾಶಯಗಳ ಒಳಹರಿವು ಏರಿಕೆಯಾಗಿದೆ. ಪ್ರಮುಖ ಜಲಾಶಯಗಳು ಶೇ 91 ರಷ್ಟು ಭರ್ತಿಯಾಗಿವೆ ಎಂದು ಅಧಿಕಾರಿಗಳು ಮಾಹಿತಿ ನೀಡಿದ್ದಾರೆ.

ಮೀನುಗಾರರು ಸಮುದ್ರಕ್ಕೆ ಇಳಿಯದಂತೆ ಎಚ್ಚರಿಕೆ ನೀಡಲಾಗಿದ್ದು, ಕರಾವಳಿಯಲ್ಲಿ ಗಂಟೆಗೆ 45 ರಿಂದ 55 ಕಿ.ಮೀ ವೇಗದಲ್ಲಿ ಗಾಳಿ ಬೀಸುವ ಸಾಧ್ಯತೆ ಇದೆ ಎಂದು ಹವಾಮಾನ ಇಲಾಖೆ ತಿಳಿಸಿದೆ.

ನದಿ ಪಾತ್ರದ ಗ್ರಾಮಗಳ ಜನರು ಎಚ್ಚರಿಕೆಯಿಂದ ಇರಬೇಕು. ತಗ್ಗು ಪ್ರದೇಶಗಳಲ್ಲಿ ನೀರು ನುಗ್ಗುವ ಸಾಧ್ಯತೆ ಇದ್ದು, ಅಗತ್ಯ ಬಿದ್ದರೆ ಸುರಕ್ಷಿತ ಸ್ಥಳಗಳಿಗೆ ಸ್ಥಳಾಂತರಗೊಳ್ಳುವಂತೆ ಜಿಲ್ಲಾಡಳಿತ ಸೂಚಿಸಿದೆ.

ಮಳೆ ಹಾನಿ ಪ್ರದೇಶಗಳಲ್ಲಿ ತುರ್ತು ಪರಿಹಾರ ಕಾರ್ಯಕ್ಕೆ ಅಧಿಕಾರಿಗಳ ತಂಡ ರಚಿಸಲಾಗಿದೆ. ಬೆಳೆ ಹಾನಿ ಸಮೀಕ್ಷೆ ನಡೆಸಿ ಶೀಘ್ರ ಪರಿಹಾರ ವಿತರಿಸುವಂತೆ ಸರ್ಕಾರ ಆದೇಶಿಸಿದೆ.

ಮುಂದಿನ 48 ಗಂಟೆಗಳಲ್ಲಿ ಮಳೆಯ ಪ್ರಮಾಣ ಮತ್ತಷ್ಟು ಹೆಚ್ಚಾಗುವ ಸಾಧ್ಯತೆ ಇರುವುದರಿಂದ ಶಾಲಾ ಕಾಲೇಜುಗಳಿಗೆ ಅಗತ್ಯ ಬಿದ್ದರೆ ರಜೆ ಘೋಷಿಸುವ ಅಧಿಕಾರವನ್ನು ಜಿಲ್ಲಾಧಿಕಾರಿಗಳಿಗೆ ನೀಡಲಾಗಿದೆ.

ರೈತರು ಹವಾಮಾನ ಮುನ್ಸೂಚನೆ ಆಧರಿಸಿ ಕೃಷಿ ಚಟುವಟಿಕೆ ಕೈಗೊಳ್ಳುವಂತೆ ಕೃಷಿ ಇಲಾಖೆ ಸಲಹೆ ನೀಡಿದ್ದು, ಸಹಾಯವಾಣಿ ಸಂಖ್ಯೆಯನ್ನು ಪ್ರಕಟಿಸಲಾಗಿದೆ.

Edited, Printed and Published by B.T. Amuthan on behalf of M/s Karnataka News Publications (P) Ltd., Printed at No. 12-3-221 Rajendra Gunj (apmc)|Near Old SBI Bank Building, Raichur-584102. RNI No. KARKAN/2008/26484 Postal Regd No. 52/2012-2014
